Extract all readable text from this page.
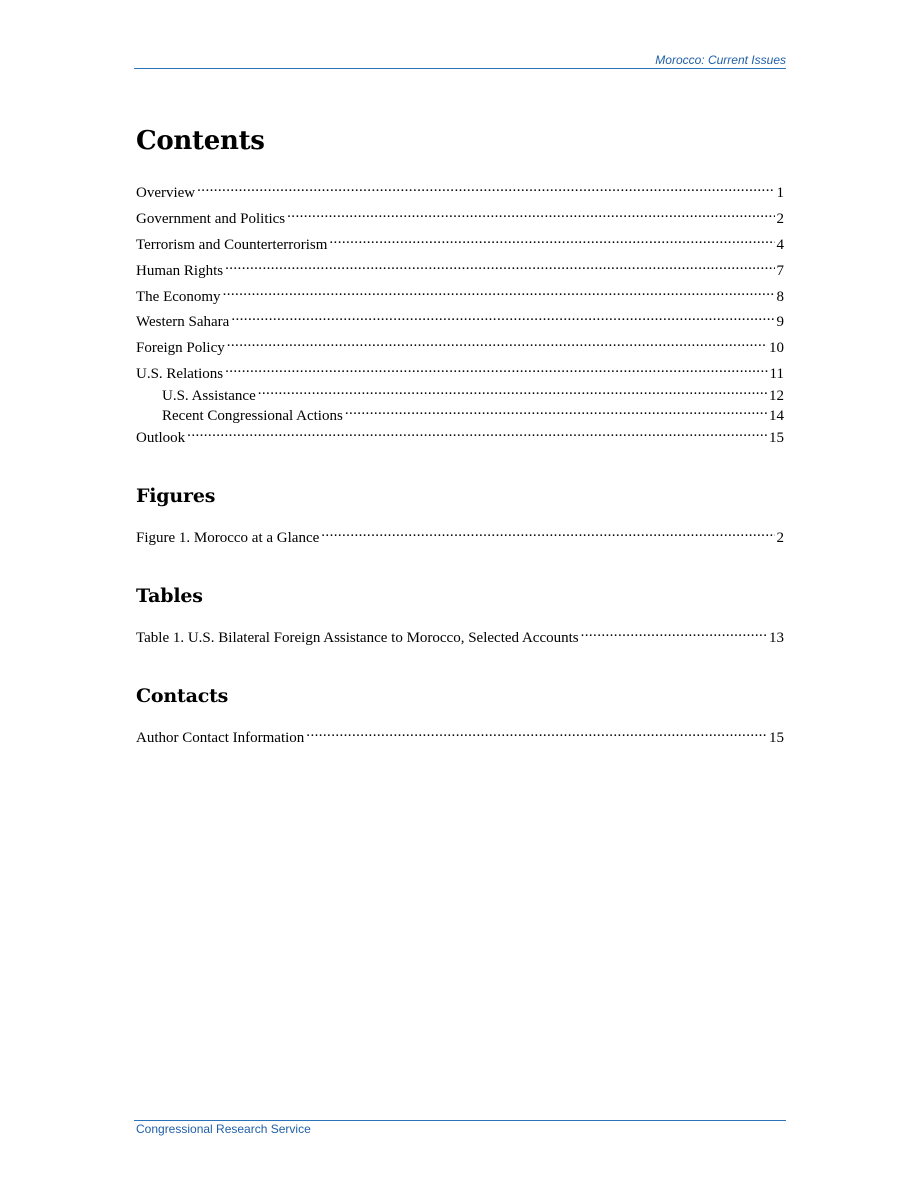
Morocco: Current Issues
Contents
Overview .....	1
Government and Politics .....	2
Terrorism and Counterterrorism .....	4
Human Rights .....	7
The Economy .....	8
Western Sahara .....	9
Foreign Policy .....	10
U.S. Relations .....	11
U.S. Assistance .....	12
Recent Congressional Actions .....	14
Outlook .....	15
Figures
Figure 1. Morocco at a Glance .....	2
Tables
Table 1. U.S. Bilateral Foreign Assistance to Morocco, Selected Accounts .....	13
Contacts
Author Contact Information .....	15
Congressional Research Service
